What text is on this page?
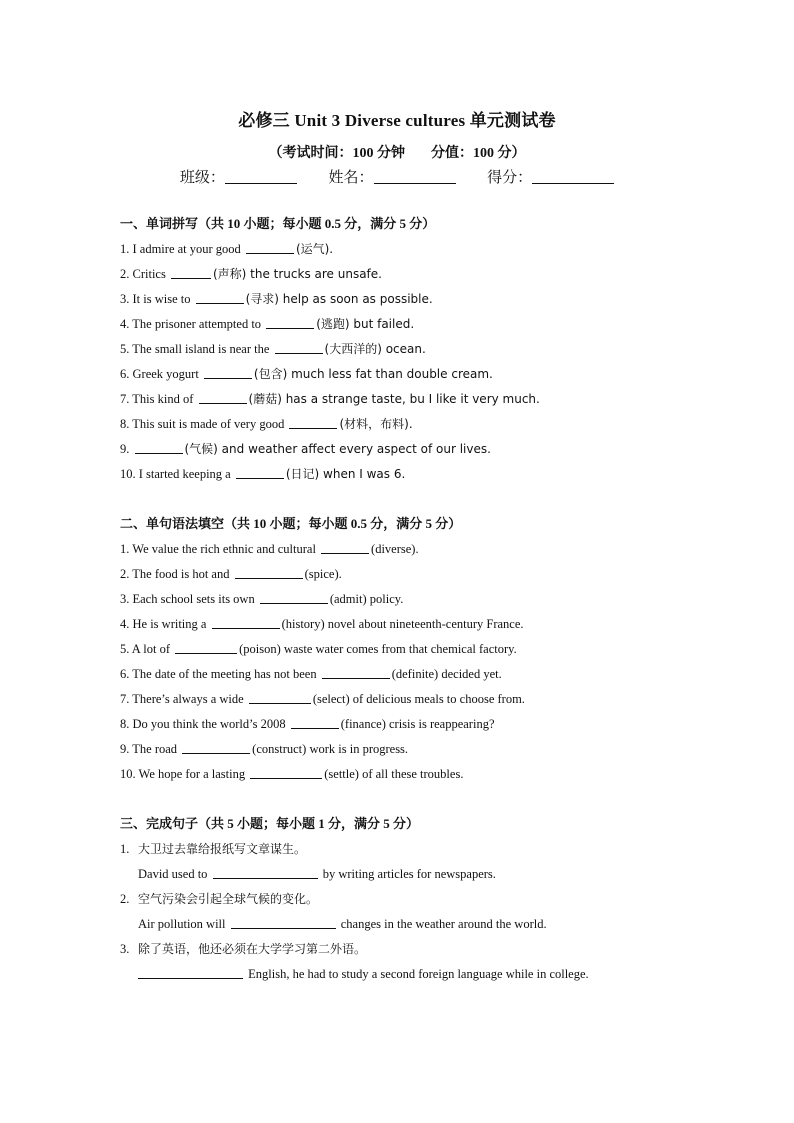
必修三 Unit 3 Diverse cultures 单元测试卷
（考试时间：100 分钟 分值：100 分）
班级：	姓名：	得分：
一、单词拼写（共 10 小题；每小题 0.5 分，满分 5 分）
1. I admire at your good	(运气).
2. Critics	(声称) the trucks are unsafe.
3. It is wise to	(寻求) help as soon as possible.
4. The prisoner attempted to	(逃跑) but failed.
5. The small island is near the	(大西洋的) ocean.
6. Greek yogurt	(包含) much less fat than double cream.
7. This kind of	(蘑菇) has a strange taste, bu I like it very much.
8. This suit is made of very good	(材料，布料).
9.	(气候) and weather affect every aspect of our lives.
10. I started keeping a	(日记) when I was 6.
二、单句语法填空（共 10 小题；每小题 0.5 分，满分 5 分）
1. We value the rich ethnic and cultural	(diverse).
2. The food is hot and	(spice).
3. Each school sets its own	(admit) policy.
4. He is writing a	(history) novel about nineteenth-century France.
5. A lot of	(poison) waste water comes from that chemical factory.
6. The date of the meeting has not been	(definite) decided yet.
7. There’s always a wide	(select) of delicious meals to choose from.
8. Do you think the world’s 2008	(finance) crisis is reappearing?
9. The road	(construct) work is in progress.
10. We hope for a lasting	(settle) of all these troubles.
三、完成句子（共 5 小题；每小题 1 分，满分 5 分）
1. 大卫过去靠给报纸写文章谋生。
David used to	by writing articles for newspapers.
2. 空气污染会引起全球气候的变化。
Air pollution will	changes in the weather around the world.
3. 除了英语，他还必须在大学学习第二外语。
English, he had to study a second foreign language while in college.
